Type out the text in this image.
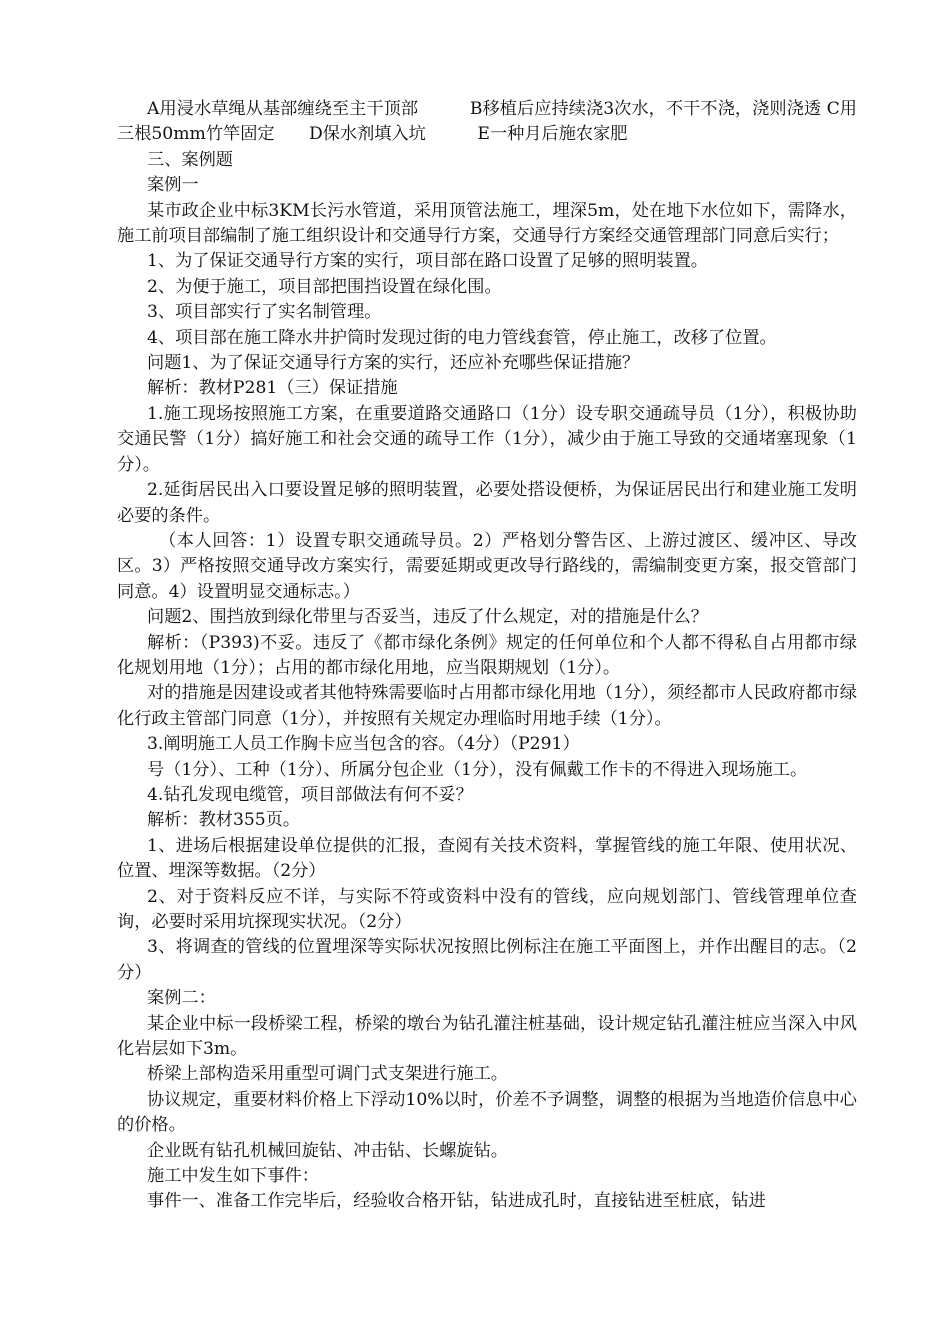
A用浸水草绳从基部缠绕至主干顶部　　　B移植后应持续浇3次水，不干不浇，浇则浇透 C用三根50mm竹竿固定　　D保水剂填入坑　　　E一种月后施农家肥

三、案例题

案例一

某市政企业中标3KM长污水管道，采用顶管法施工，埋深5m，处在地下水位如下，需降水，施工前项目部编制了施工组织设计和交通导行方案，交通导行方案经交通管理部门同意后实行；

1、为了保证交通导行方案的实行，项目部在路口设置了足够的照明装置。

2、为便于施工，项目部把围挡设置在绿化围。

3、项目部实行了实名制管理。

4、项目部在施工降水井护筒时发现过街的电力管线套管，停止施工，改移了位置。

问题1、为了保证交通导行方案的实行，还应补充哪些保证措施？

解析：教材P281（三）保证措施

1.施工现场按照施工方案，在重要道路交通路口（1分）设专职交通疏导员（1分），积极协助交通民警（1分）搞好施工和社会交通的疏导工作（1分），减少由于施工导致的交通堵塞现象（1分）。

2.延街居民出入口要设置足够的照明装置，必要处搭设便桥，为保证居民出行和建业施工发明必要的条件。

（本人回答：1）设置专职交通疏导员。2）严格划分警告区、上游过渡区、缓冲区、导改区。3）严格按照交通导改方案实行，需要延期或更改导行路线的，需编制变更方案，报交管部门同意。4）设置明显交通标志。）

问题2、围挡放到绿化带里与否妥当，违反了什么规定，对的措施是什么？

解析：（P393)不妥。违反了《都市绿化条例》规定的任何单位和个人都不得私自占用都市绿化规划用地（1分）；占用的都市绿化用地，应当限期规划（1分）。

对的措施是因建设或者其他特殊需要临时占用都市绿化用地（1分），须经都市人民政府都市绿化行政主管部门同意（1分），并按照有关规定办理临时用地手续（1分）。

3.阐明施工人员工作胸卡应当包含的容。（4分）（P291）

号（1分）、工种（1分）、所属分包企业（1分），没有佩戴工作卡的不得进入现场施工。

4.钻孔发现电缆管，项目部做法有何不妥？

解析：教材355页。

1、进场后根据建设单位提供的汇报，查阅有关技术资料，掌握管线的施工年限、使用状况、位置、埋深等数据。（2分）

2、对于资料反应不详，与实际不符或资料中没有的管线，应向规划部门、管线管理单位查询，必要时采用坑探现实状况。（2分）

3、将调查的管线的位置埋深等实际状况按照比例标注在施工平面图上，并作出醒目的志。（2分）

案例二：

某企业中标一段桥梁工程，桥梁的墩台为钻孔灌注桩基础，设计规定钻孔灌注桩应当深入中风化岩层如下3m。

桥梁上部构造采用重型可调门式支架进行施工。

协议规定，重要材料价格上下浮动10%以时，价差不予调整，调整的根据为当地造价信息中心的价格。

企业既有钻孔机械回旋钻、冲击钻、长螺旋钻。

施工中发生如下事件：

事件一、准备工作完毕后，经验收合格开钻，钻进成孔时，直接钻进至桩底，钻进
